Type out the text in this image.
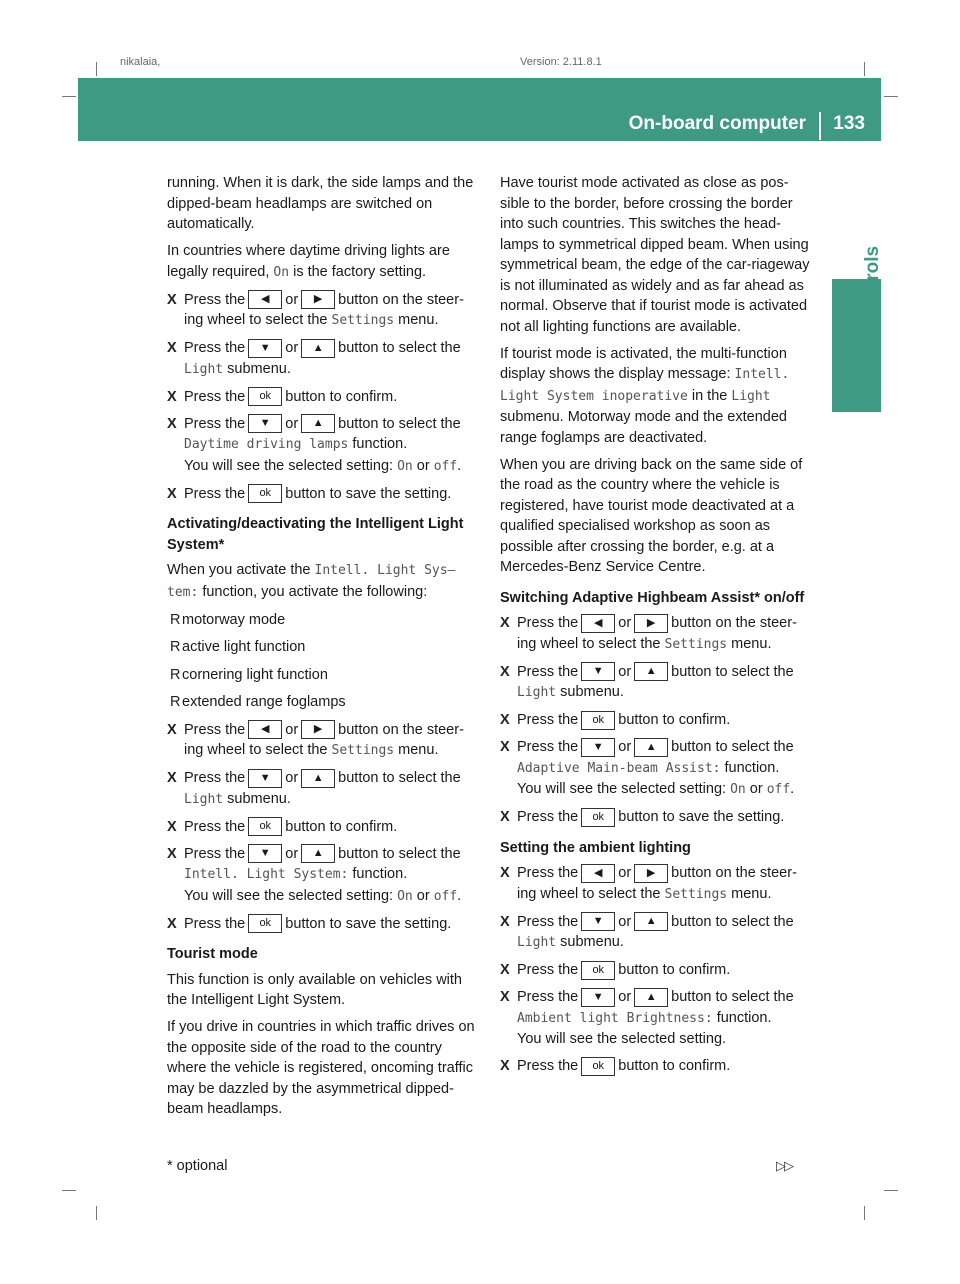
nikalaia,	Version: 2.11.8.1
On-board computer 133
Controls

running. When it is dark, the side lamps and the dipped-beam headlamps are switched on automatically.

In countries where daytime driving lights are legally required, On is the factory setting.

X Press the ◀ or ▶ button on the steer-ing wheel to select the Settings menu.
X Press the ▼ or ▲ button to select the Light submenu.
X Press the ok button to confirm.
X Press the ▼ or ▲ button to select the Daytime driving lamps function.
You will see the selected setting: On or off.
X Press the ok button to save the setting.
Activating/deactivating the Intelligent Light System*

When you activate the Intell. Light Sys– tem: function, you activate the following:

R motorway mode
R active light function
R cornering light function
R extended range foglamps
X Press the ◀ or ▶ button on the steer-ing wheel to select the Settings menu.
X Press the ▼ or ▲ button to select the Light submenu.
X Press the ok button to confirm.
X Press the ▼ or ▲ button to select the Intell. Light System: function.
You will see the selected setting: On or off.
X Press the ok button to save the setting.
Tourist mode

This function is only available on vehicles with the Intelligent Light System.

If you drive in countries in which traffic drives on the opposite side of the road to the country where the vehicle is registered, oncoming traffic may be dazzled by the asymmetrical dipped-beam headlamps.

Have tourist mode activated as close as pos-sible to the border, before crossing the border into such countries. This switches the head-lamps to symmetrical dipped beam. When using symmetrical beam, the edge of the car-riageway is not illuminated as widely and as far ahead as normal. Observe that if tourist mode is activated not all lighting functions are available.

If tourist mode is activated, the multi-function display shows the display message: Intell. Light System inoperative in the Light submenu. Motorway mode and the extended range foglamps are deactivated.

When you are driving back on the same side of the road as the country where the vehicle is registered, have tourist mode deactivated at a qualified specialised workshop as soon as possible after crossing the border, e.g. at a Mercedes-Benz Service Centre.

Switching Adaptive Highbeam Assist* on/off
X Press the ◀ or ▶ button on the steer-ing wheel to select the Settings menu.
X Press the ▼ or ▲ button to select the Light submenu.
X Press the ok button to confirm.
X Press the ▼ or ▲ button to select the Adaptive Main-beam Assist: function.
You will see the selected setting: On or off.
X Press the ok button to save the setting.
Setting the ambient lighting
X Press the ◀ or ▶ button on the steer-ing wheel to select the Settings menu.
X Press the ▼ or ▲ button to select the Light submenu.
X Press the ok button to confirm.
X Press the ▼ or ▲ button to select the Ambient light Brightness: function.
You will see the selected setting.
X Press the ok button to confirm.
* optional	▷▷
